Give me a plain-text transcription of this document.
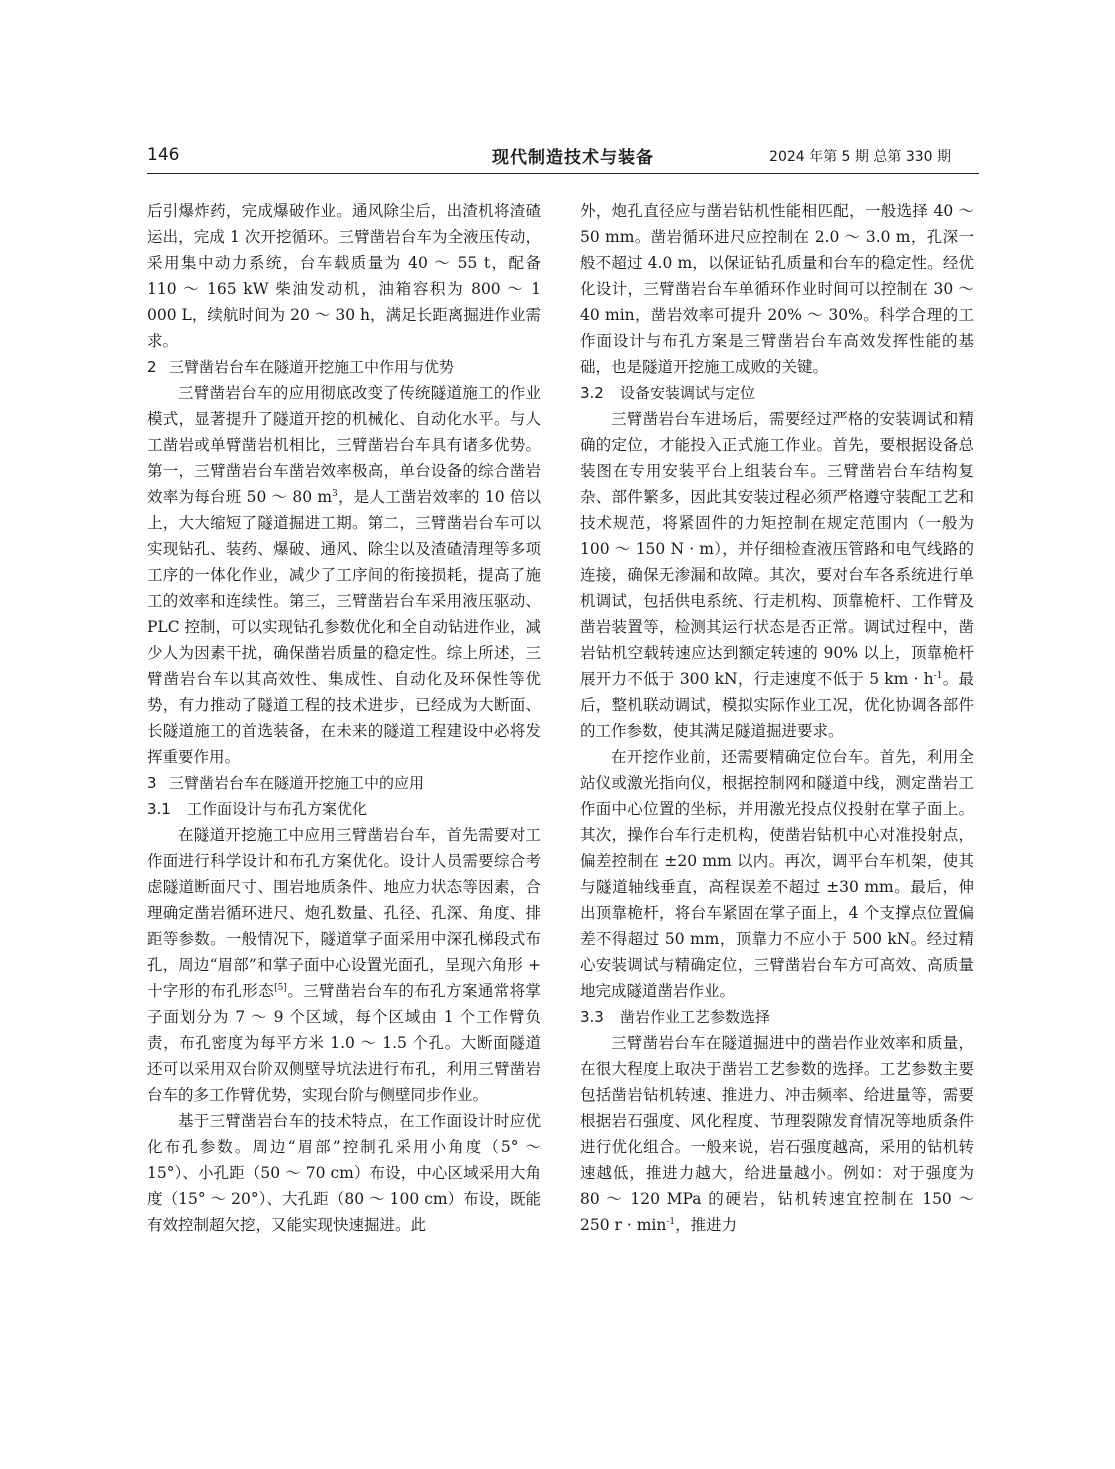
146	现代制造技术与装备	2024 年第 5 期 总第 330 期

后引爆炸药，完成爆破作业。通风除尘后，出渣机将渣碴运出，完成 1 次开挖循环。三臂凿岩台车为全液压传动，采用集中动力系统，台车载质量为 40 ～ 55 t，配备 110 ～ 165 kW 柴油发动机，油箱容积为 800 ～ 1 000 L，续航时间为 20 ～ 30 h，满足长距离掘进作业需求。

2 三臂凿岩台车在隧道开挖施工中作用与优势

三臂凿岩台车的应用彻底改变了传统隧道施工的作业模式，显著提升了隧道开挖的机械化、自动化水平。与人工凿岩或单臂凿岩机相比，三臂凿岩台车具有诸多优势。第一，三臂凿岩台车凿岩效率极高，单台设备的综合凿岩效率为每台班 50 ～ 80 $m^3$，是人工凿岩效率的 10 倍以上，大大缩短了隧道掘进工期。第二，三臂凿岩台车可以实现钻孔、装药、爆破、通风、除尘以及渣碴清理等多项工序的一体化作业，减少了工序间的衔接损耗，提高了施工的效率和连续性。第三，三臂凿岩台车采用液压驱动、PLC 控制，可以实现钻孔参数优化和全自动钻进作业，减少人为因素干扰，确保凿岩质量的稳定性。综上所述，三臂凿岩台车以其高效性、集成性、自动化及环保性等优势，有力推动了隧道工程的技术进步，已经成为大断面、长隧道施工的首选装备，在未来的隧道工程建设中必将发挥重要作用。

3 三臂凿岩台车在隧道开挖施工中的应用

3.1 工作面设计与布孔方案优化

在隧道开挖施工中应用三臂凿岩台车，首先需要对工作面进行科学设计和布孔方案优化。设计人员需要综合考虑隧道断面尺寸、围岩地质条件、地应力状态等因素，合理确定凿岩循环进尺、炮孔数量、孔径、孔深、角度、排距等参数。一般情况下，隧道掌子面采用中深孔梯段式布孔，周边“眉部”和掌子面中心设置光面孔，呈现六角形 + 十字形的布孔形态[5]。三臂凿岩台车的布孔方案通常将掌子面划分为 7 ～ 9 个区域，每个区域由 1 个工作臂负责，布孔密度为每平方米 1.0 ～ 1.5 个孔。大断面隧道还可以采用双台阶双侧壁导坑法进行布孔，利用三臂凿岩台车的多工作臂优势，实现台阶与侧壁同步作业。

基于三臂凿岩台车的技术特点，在工作面设计时应优化布孔参数。周边“眉部”控制孔采用小角度（5° ～ 15°）、小孔距（50 ～ 70 cm）布设，中心区域采用大角度（15° ～ 20°）、大孔距（80 ～ 100 cm）布设，既能有效控制超欠挖，又能实现快速掘进。此

外，炮孔直径应与凿岩钻机性能相匹配，一般选择 40 ～ 50 mm。凿岩循环进尺应控制在 2.0 ～ 3.0 m，孔深一般不超过 4.0 m，以保证钻孔质量和台车的稳定性。经优化设计，三臂凿岩台车单循环作业时间可以控制在 30 ～ 40 min，凿岩效率可提升 20% ～ 30%。科学合理的工作面设计与布孔方案是三臂凿岩台车高效发挥性能的基础，也是隧道开挖施工成败的关键。

3.2 设备安装调试与定位

三臂凿岩台车进场后，需要经过严格的安装调试和精确的定位，才能投入正式施工作业。首先，要根据设备总装图在专用安装平台上组装台车。三臂凿岩台车结构复杂、部件繁多，因此其安装过程必须严格遵守装配工艺和技术规范，将紧固件的力矩控制在规定范围内（一般为 100 ～ 150 N · m），并仔细检查液压管路和电气线路的连接，确保无渗漏和故障。其次，要对台车各系统进行单机调试，包括供电系统、行走机构、顶靠桅杆、工作臂及凿岩装置等，检测其运行状态是否正常。调试过程中，凿岩钻机空载转速应达到额定转速的 90% 以上，顶靠桅杆展开力不低于 300 kN，行走速度不低于 5 km · $h^{-1}$。最后，整机联动调试，模拟实际作业工况，优化协调各部件的工作参数，使其满足隧道掘进要求。

在开挖作业前，还需要精确定位台车。首先，利用全站仪或激光指向仪，根据控制网和隧道中线，测定凿岩工作面中心位置的坐标，并用激光投点仪投射在掌子面上。其次，操作台车行走机构，使凿岩钻机中心对准投射点，偏差控制在 ±20 mm 以内。再次，调平台车机架，使其与隧道轴线垂直，高程误差不超过 ±30 mm。最后，伸出顶靠桅杆，将台车紧固在掌子面上，4 个支撑点位置偏差不得超过 50 mm，顶靠力不应小于 500 kN。经过精心安装调试与精确定位，三臂凿岩台车方可高效、高质量地完成隧道凿岩作业。

3.3 凿岩作业工艺参数选择

三臂凿岩台车在隧道掘进中的凿岩作业效率和质量，在很大程度上取决于凿岩工艺参数的选择。工艺参数主要包括凿岩钻机转速、推进力、冲击频率、给进量等，需要根据岩石强度、风化程度、节理裂隙发育情况等地质条件进行优化组合。一般来说，岩石强度越高，采用的钻机转速越低，推进力越大，给进量越小。例如：对于强度为 80 ～ 120 MPa 的硬岩，钻机转速宜控制在 150 ～ 250 $r \cdot \min^{-1}$，推进力
